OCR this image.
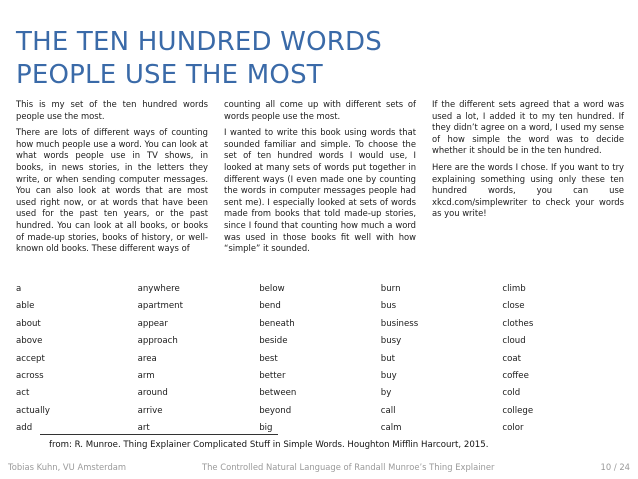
THE TEN HUNDRED WORDS
PEOPLE USE THE MOST

This is my set of the ten hundred words people use the most.

There are lots of different ways of counting how much people use a word. You can look at what words people use in TV shows, in books, in news stories, in the letters they write, or when sending computer messages. You can also look at words that are most used right now, or at words that have been used for the past ten years, or the past hundred. You can look at all books, or books of made-up stories, books of history, or well-known old books. These different ways of

counting all come up with different sets of words people use the most.

I wanted to write this book using words that sounded familiar and simple. To choose the set of ten hundred words I would use, I looked at many sets of words put together in different ways (I even made one by counting the words in computer messages people had sent me). I especially looked at sets of words made from books that told made-up stories, since I found that counting how much a word was used in those books fit well with how “simple” it sounded.

If the different sets agreed that a word was used a lot, I added it to my ten hundred. If they didn’t agree on a word, I used my sense of how simple the word was to decide whether it should be in the ten hundred.

Here are the words I chose. If you want to try explaining something using only these ten hundred words, you can use xkcd.com/simplewriter to check your words as you write!

a
able
about
above
accept
across
act
actually
add
anywhere
apartment
appear
approach
area
arm
around
arrive
art
below
bend
beneath
beside
best
better
between
beyond
big
burn
bus
business
busy
but
buy
by
call
calm
climb
close
clothes
cloud
coat
coffee
cold
college
color
from: R. Munroe. Thing Explainer Complicated Stuff in Simple Words. Houghton Mifflin Harcourt, 2015.
Tobias Kuhn, VU Amsterdam	The Controlled Natural Language of Randall Munroe’s Thing Explainer	10 / 24
